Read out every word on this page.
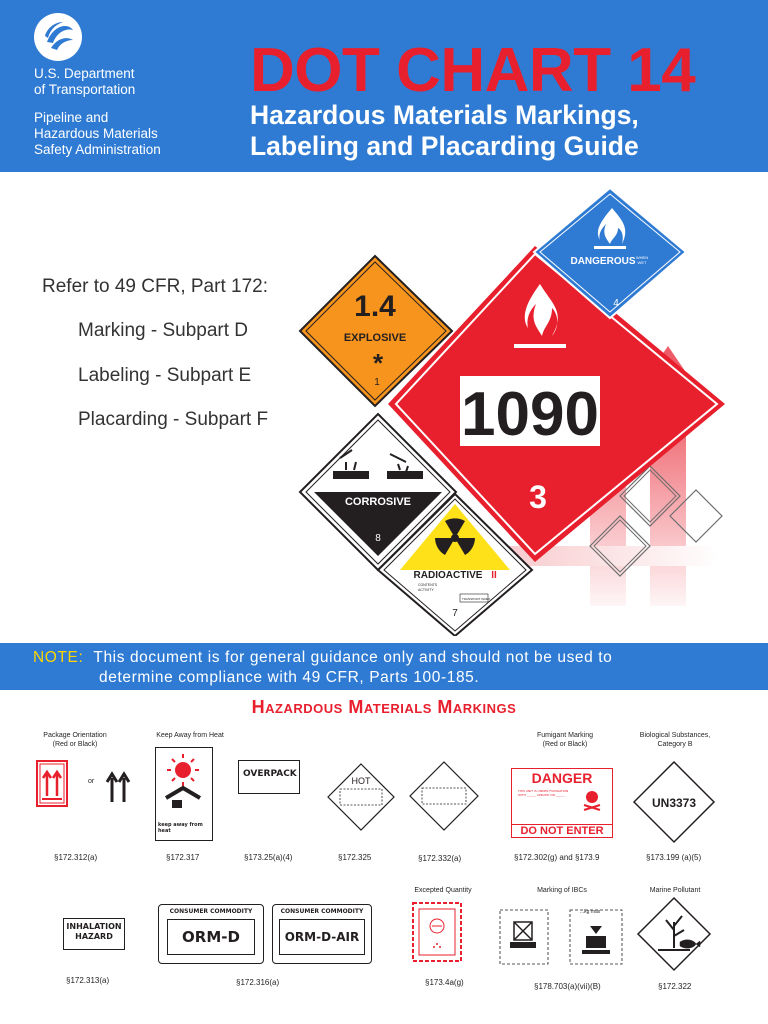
U.S. Department
of Transportation
Pipeline and
Hazardous Materials
Safety Administration
DOT CHART 14
Hazardous Materials Markings,
Labeling and Placarding Guide
Refer to 49 CFR, Part 172:
Marking - Subpart D
Labeling - Subpart E
Placarding - Subpart F	1090
3
1.4
EXPLOSIVE
*
1
DANGEROUS WHEN
WET
4
CORROSIVE
8
RADIOACTIVE II
CONTENTS
ACTIVITY
TRANSPORT INDEX
7
NOTE: This document is for general guidance only and should not be used to
determine compliance with 49 CFR, Parts 100-185.
Hazardous Materials Markings
Package Orientation
(Red or Black)
or
§172.312(a)
Keep Away from Heat
keep away from heat
§172.317
OVERPACK
§173.25(a)(4)
HOT
§172.325	§172.332(a)
Fumigant Marking
(Red or Black)
DANGER
THIS UNIT IS UNDER FUMIGATION WITH ______ APPLIED ON ______
DO NOT ENTER
§172.302(g) and §173.9
Biological Substances,
Category B
UN3373
§173.199 (a)(5)
INHALATION
HAZARD
§172.313(a)
CONSUMER COMMODITY
ORM-D
CONSUMER COMMODITY
ORM-D-AIR
§172.316(a)
Excepted Quantity
§173.4a(g)
Marking of IBCs
...kg max
§178.703(a)(vii)(B)
Marine Pollutant
§172.322
